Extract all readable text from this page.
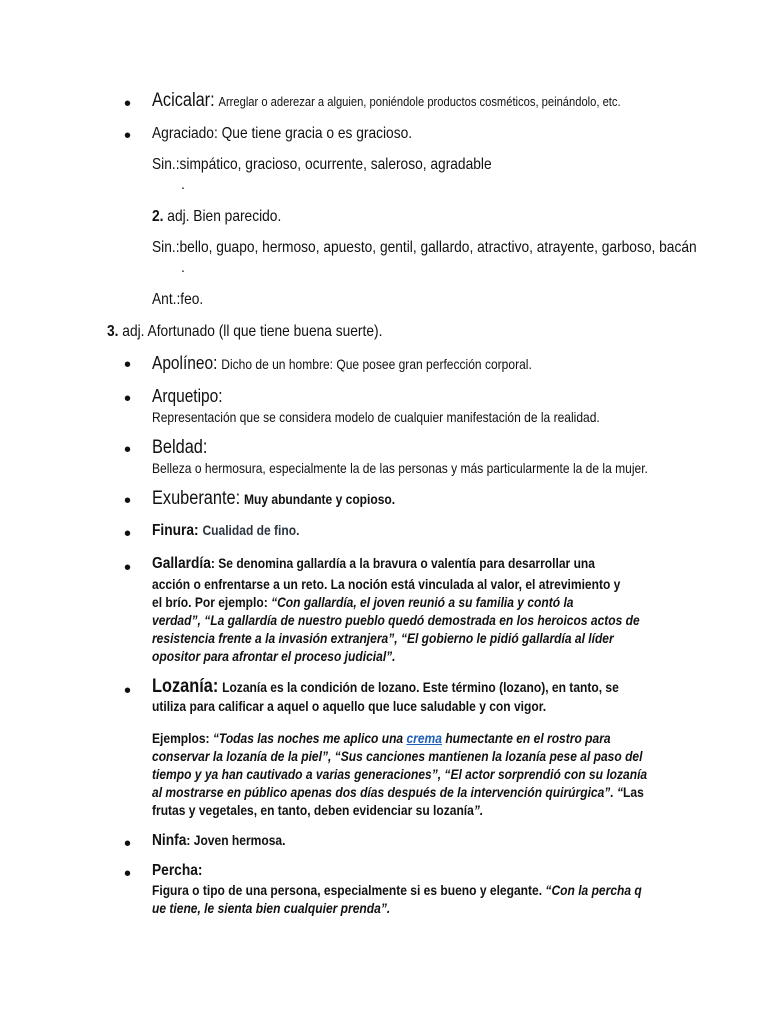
• Acicalar: Arreglar o aderezar a alguien, poniéndole productos cosméticos, peinándolo, etc.
• Agraciado: Que tiene gracia o es gracioso.
Sin.:simpático, gracioso, ocurrente, saleroso, agradable
.
2. adj. Bien parecido.
Sin.:bello, guapo, hermoso, apuesto, gentil, gallardo, atractivo, atrayente, garboso, bacán
.
Ant.:feo.
3. adj. Afortunado (ll que tiene buena suerte).
• Apolíneo: Dicho de un hombre: Que posee gran perfección corporal.
• Arquetipo:
Representación que se considera modelo de cualquier manifestación de la realidad.
• Beldad:
Belleza o hermosura, especialmente la de las personas y más particularmente la de la mujer.
• Exuberante: Muy abundante y copioso.
• Finura: Cualidad de fino.
• Gallardía: Se denomina gallardía a la bravura o valentía para desarrollar una
acción o enfrentarse a un reto. La noción está vinculada al valor, el atrevimiento y
el brío. Por ejemplo: “Con gallardía, el joven reunió a su familia y contó la
verdad”, “La gallardía de nuestro pueblo quedó demostrada en los heroicos actos de
resistencia frente a la invasión extranjera”, “El gobierno le pidió gallardía al líder
opositor para afrontar el proceso judicial”.
• Lozanía: Lozanía es la condición de lozano. Este término (lozano), en tanto, se
utiliza para calificar a aquel o aquello que luce saludable y con vigor.
Ejemplos: “Todas las noches me aplico una crema humectante en el rostro para
conservar la lozanía de la piel”, “Sus canciones mantienen la lozanía pese al paso del
tiempo y ya han cautivado a varias generaciones”, “El actor sorprendió con su lozanía
al mostrarse en público apenas dos días después de la intervención quirúrgica”. “Las
frutas y vegetales, en tanto, deben evidenciar su lozanía”.
• Ninfa: Joven hermosa.
• Percha:
Figura o tipo de una persona, especialmente si es bueno y elegante. “Con la percha q
ue tiene, le sienta bien cualquier prenda”.
